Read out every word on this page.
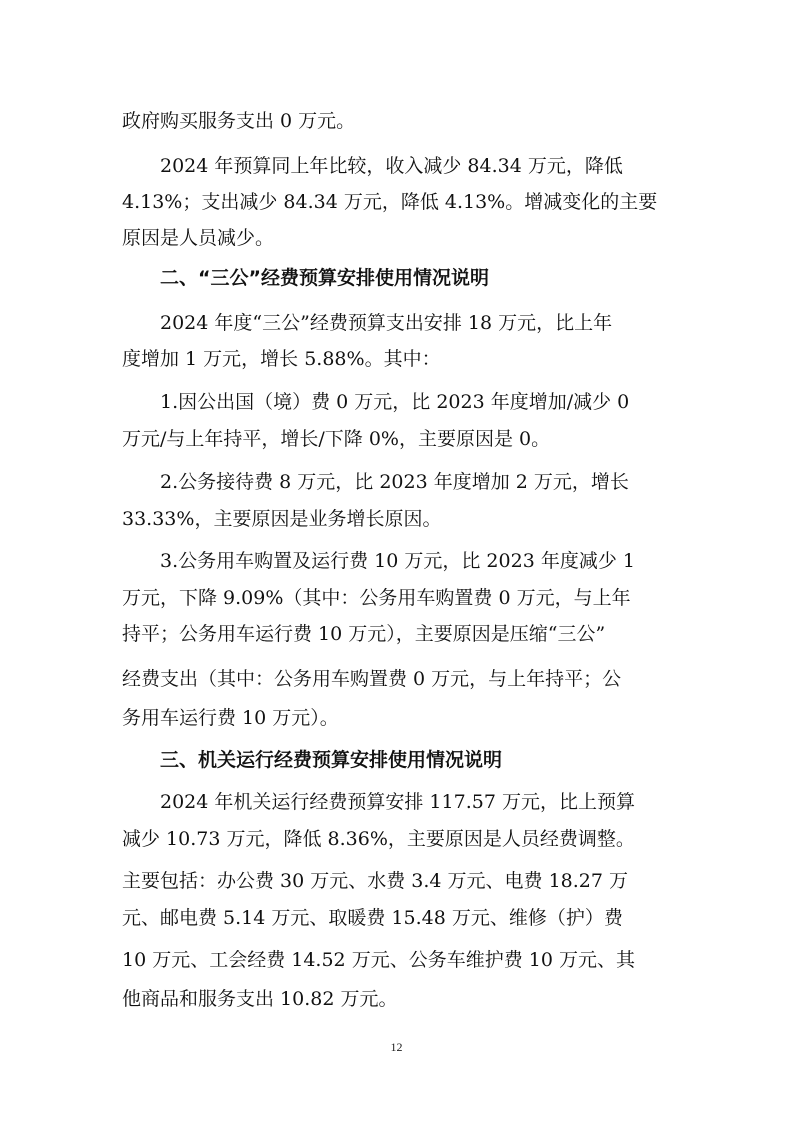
政府购买服务支出 0 万元。
2024 年预算同上年比较，收入减少 84.34 万元，降低
4.13%；支出减少 84.34 万元，降低 4.13%。增减变化的主要
原因是人员减少。
二、“三公”经费预算安排使用情况说明
2024 年度“三公”经费预算支出安排 18 万元，比上年
度增加 1 万元，增长 5.88%。其中：
1.因公出国（境）费 0 万元，比 2023 年度增加/减少 0
万元/与上年持平，增长/下降 0%，主要原因是 0。
2.公务接待费 8 万元，比 2023 年度增加 2 万元，增长
33.33%，主要原因是业务增长原因。
3.公务用车购置及运行费 10 万元，比 2023 年度减少 1
万元，下降 9.09%（其中：公务用车购置费 0 万元，与上年
持平；公务用车运行费 10 万元），主要原因是压缩“三公”
经费支出（其中：公务用车购置费 0 万元，与上年持平；公
务用车运行费 10 万元）。
三、机关运行经费预算安排使用情况说明
2024 年机关运行经费预算安排 117.57 万元，比上预算
减少 10.73 万元，降低 8.36%，主要原因是人员经费调整。
主要包括：办公费 30 万元、水费 3.4 万元、电费 18.27 万
元、邮电费 5.14 万元、取暖费 15.48 万元、维修（护）费
10 万元、工会经费 14.52 万元、公务车维护费 10 万元、其
他商品和服务支出 10.82 万元。
12
